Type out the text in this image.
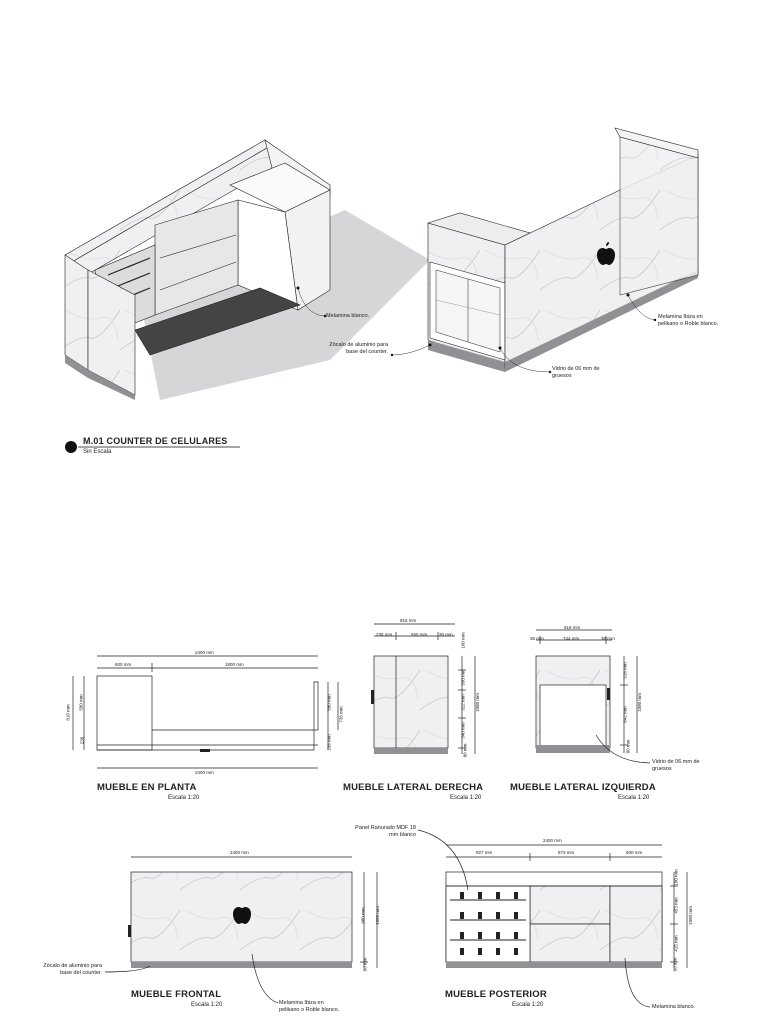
Melamina blanco.
Zócalo de aluminio para
base del counter.
Melamina Ibiza en
pelikano o Roble blanco.
Vidrio de 06 mm de
gruesos
M.01 COUNTER DE CELULARES
Sin Escala
2400 mm
600 mm	1800 mm
2400 mm
816 mm
580 mm
236
580 mm
736 mm
236 mm
MUEBLE EN PLANTA
Escala 1:20
816 mm
236 mm	550 mm	30 mm 100 mm
330 mm
322 mm
340 mm
80 mm
1080 mm
MUEBLE LATERAL DERECHA
Escala 1:20
816 mm
36 mm	744 mm	36 mm
318 mm
642 mm
80 mm
1080 mm
Vidrio de 06 mm de
gruesos
MUEBLE LATERAL IZQUIERDA
Escala 1:20
2400 mm
980 mm
80 mm
1080 mm
Zócalo de aluminio para
base del counter.
Melamina Ibiza en
pelikano o Roble blanco.
MUEBLE FRONTAL
Escala 1:20
2400 mm
927 mm	873 mm	600 mm
100 mm
453 mm
415 mm
80 mm
1080 mm
Panel Ranurado MDF 18
mm blanco
Melamina blanco.
MUEBLE POSTERIOR
Escala 1:20
